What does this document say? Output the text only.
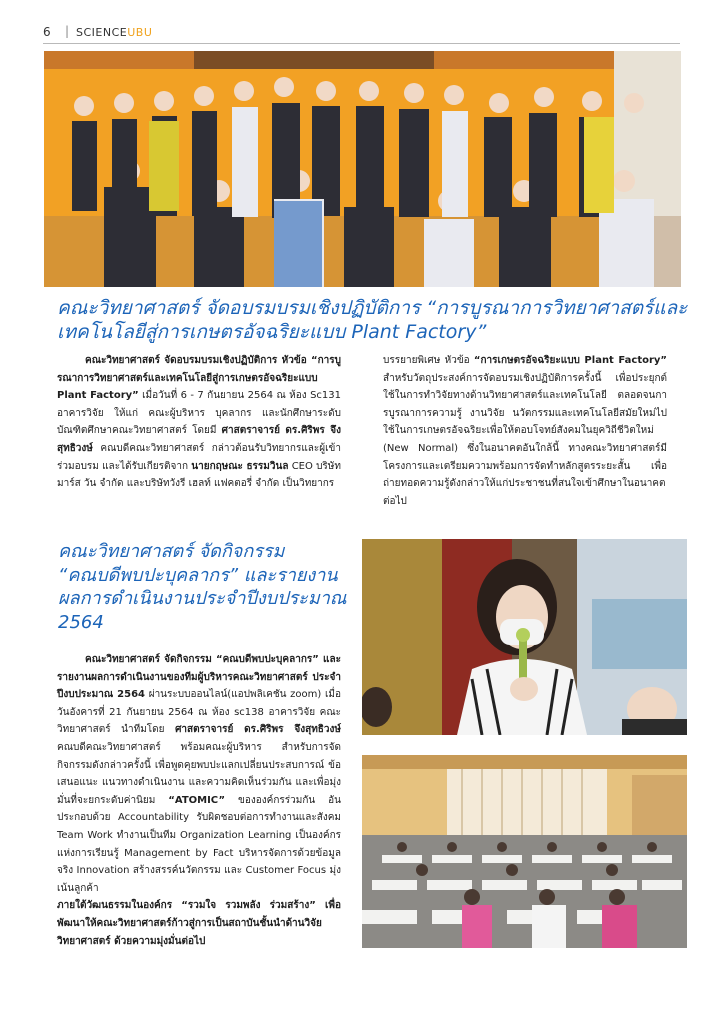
6 | SCIENCEUBU
คณะวิทยาศาสตร์ จัดอบรมบรมเชิงปฏิบัติการ “การบูรณาการวิทยาศาสตร์และเทคโนโลยีสู่การเกษตรอัจฉริยะแบบ Plant Factory”

คณะวิทยาศาสตร์ จัดอบรมบรมเชิงปฏิบัติการ หัวข้อ “การบูรณาการวิทยาศาสตร์และเทคโนโลยีสู่การเกษตรอัจฉริยะแบบ Plant Factory” เมื่อวันที่ 6 - 7 กันยายน 2564 ณ ห้อง Sc131 อาคารวิจัย ให้แก่ คณะผู้บริหาร บุคลากร และนักศึกษาระดับบัณฑิตศึกษาคณะวิทยาศาสตร์ โดยมี ศาสตราจารย์ ดร.ศิริพร จึงสุทธิวงษ์ คณบดีคณะวิทยาศาสตร์ กล่าวต้อนรับวิทยากรและผู้เข้าร่วมอบรม และได้รับเกียรติจาก นายกฤษณะ ธรรมวินล CEO บริษัท มาร์ส วัน จำกัด และบริษัทวังรี เฮลท์ แฟคตอรี่ จำกัด เป็นวิทยากร

บรรยายพิเศษ หัวข้อ “การเกษตรอัจฉริยะแบบ Plant Factory” สำหรับวัตถุประสงค์การจัดอบรมเชิงปฏิบัติการครั้งนี้ เพื่อประยุกต์ใช้ในการทำวิจัยทางด้านวิทยาศาสตร์และเทคโนโลยี ตลอดจนการบูรณาการความรู้ งานวิจัย นวัตกรรมและเทคโนโลยีสมัยใหม่ไปใช้ในการเกษตรอัจฉริยะเพื่อให้ตอบโจทย์สังคมในยุควิถีชีวิตใหม่ (New Normal) ซึ่งในอนาคตอันใกล้นี้ ทางคณะวิทยาศาสตร์มีโครงการและเตรียมความพร้อมการจัดทำหลักสูตรระยะสั้น เพื่อถ่ายทอดความรู้ดังกล่าวให้แก่ประชาชนที่สนใจเข้าศึกษาในอนาคตต่อไป

คณะวิทยาศาสตร์ จัดกิจกรรม “คณบดีพบปะบุคลากร” และรายงานผลการดำเนินงานประจำปีงบประมาณ 2564

คณะวิทยาศาสตร์ จัดกิจกรรม “คณบดีพบปะบุคลากร” และรายงานผลการดำเนินงานของทีมผู้บริหารคณะวิทยาศาสตร์ ประจำปีงบประมาณ 2564 ผ่านระบบออนไลน์(แอปพลิเคชัน zoom) เมื่อวันอังคารที่ 21 กันยายน 2564 ณ ห้อง sc138 อาคารวิจัย คณะวิทยาศาสตร์ นำทีมโดย ศาสตราจารย์ ดร.ศิริพร จึงสุทธิวงษ์ คณบดีคณะวิทยาศาสตร์ พร้อมคณะผู้บริหาร สำหรับการจัดกิจกรรมดังกล่าวครั้งนี้ เพื่อพูดคุยพบปะแลกเปลี่ยนประสบการณ์ ข้อเสนอแนะ แนวทางดำเนินงาน และความคิดเห็นร่วมกัน และเพื่อมุ่งมั่นที่จะยกระดับค่านิยม “ATOMIC” ขององค์กรร่วมกัน อันประกอบด้วย Accountability รับผิดชอบต่อการทำงานและสังคม Team Work ทำงานเป็นทีม Organization Learning เป็นองค์กรแห่งการเรียนรู้ Management by Fact บริหารจัดการด้วยข้อมูลจริง Innovation สร้างสรรค์นวัตกรรม และ Customer Focus มุ่งเน้นลูกค้า
ภายใต้วัฒนธรรมในองค์กร “รวมใจ รวมพลัง ร่วมสร้าง” เพื่อพัฒนาให้คณะวิทยาศาสตร์ก้าวสู่การเป็นสถาบันชั้นนำด้านวิจัยวิทยาศาสตร์ ด้วยความมุ่งมั่นต่อไป
